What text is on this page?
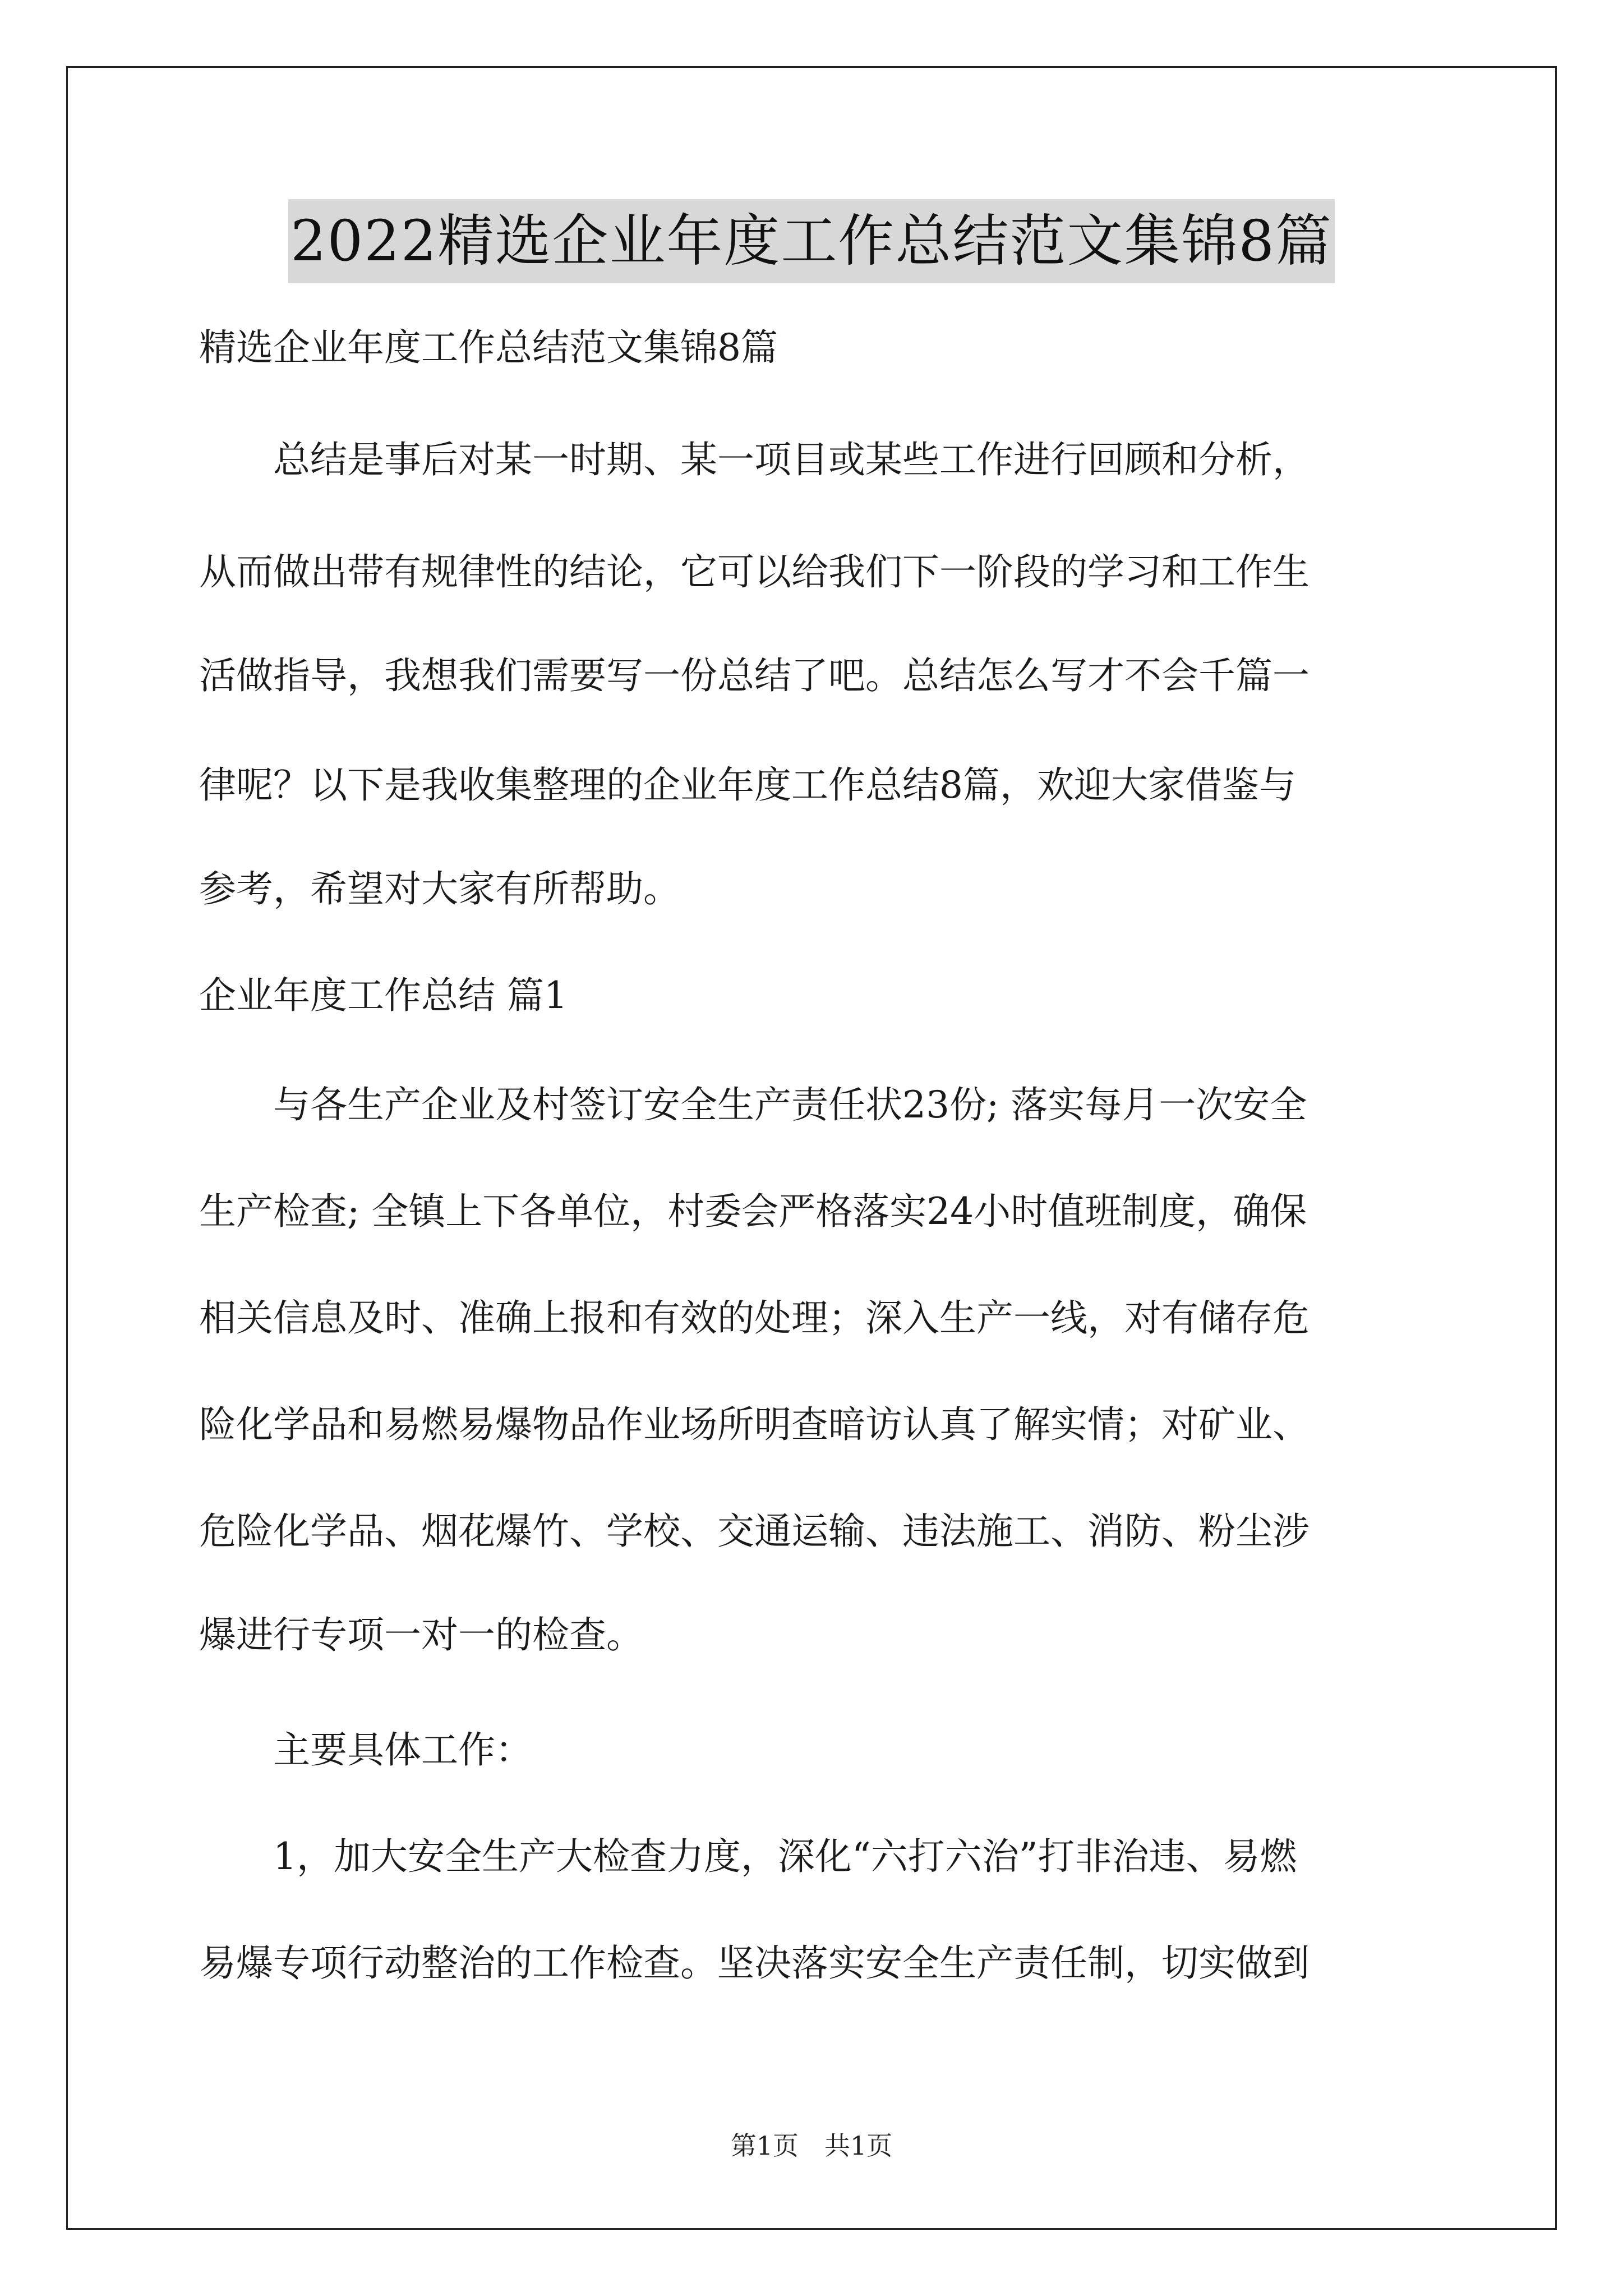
2022精选企业年度工作总结范文集锦8篇
精选企业年度工作总结范文集锦8篇
　　总结是事后对某一时期、某一项目或某些工作进行回顾和分析，
从而做出带有规律性的结论，它可以给我们下一阶段的学习和工作生
活做指导，我想我们需要写一份总结了吧。总结怎么写才不会千篇一
律呢？以下是我收集整理的企业年度工作总结8篇，欢迎大家借鉴与
参考，希望对大家有所帮助。
企业年度工作总结 篇1
　　与各生产企业及村签订安全生产责任状23份; 落实每月一次安全
生产检查; 全镇上下各单位，村委会严格落实24小时值班制度，确保
相关信息及时、准确上报和有效的处理；深入生产一线，对有储存危
险化学品和易燃易爆物品作业场所明查暗访认真了解实情；对矿业、
危险化学品、烟花爆竹、学校、交通运输、违法施工、消防、粉尘涉
爆进行专项一对一的检查。
　　主要具体工作：
　　1，加大安全生产大检查力度，深化“六打六治”打非治违、易燃
易爆专项行动整治的工作检查。坚决落实安全生产责任制，切实做到
第1页　共1页
